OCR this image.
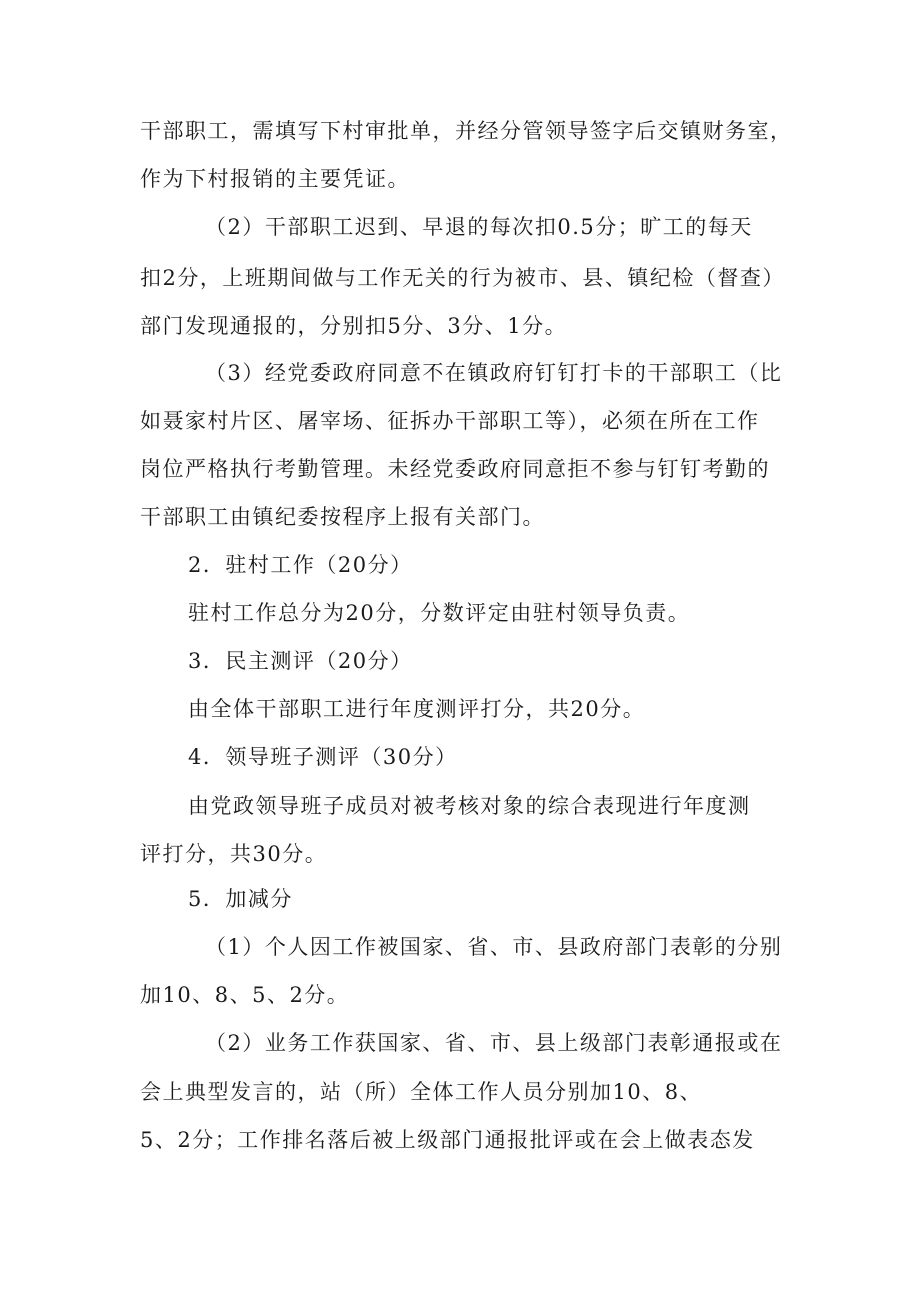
干部职工，需填写下村审批单，并经分管领导签字后交镇财务室，
作为下村报销的主要凭证。
（2）干部职工迟到、早退的每次扣0.5分；旷工的每天
扣2分，上班期间做与工作无关的行为被市、县、镇纪检（督查）
部门发现通报的，分别扣5分、3分、1分。
（3）经党委政府同意不在镇政府钉钉打卡的干部职工（比
如聂家村片区、屠宰场、征拆办干部职工等），必须在所在工作
岗位严格执行考勤管理。未经党委政府同意拒不参与钉钉考勤的
干部职工由镇纪委按程序上报有关部门。
2．驻村工作（20分）
驻村工作总分为20分，分数评定由驻村领导负责。
3．民主测评（20分）
由全体干部职工进行年度测评打分，共20分。
4．领导班子测评（30分）
由党政领导班子成员对被考核对象的综合表现进行年度测
评打分，共30分。
5．加减分
（1）个人因工作被国家、省、市、县政府部门表彰的分别
加10、8、5、2分。
（2）业务工作获国家、省、市、县上级部门表彰通报或在
会上典型发言的，站（所）全体工作人员分别加10、8、
5、2分；工作排名落后被上级部门通报批评或在会上做表态发
